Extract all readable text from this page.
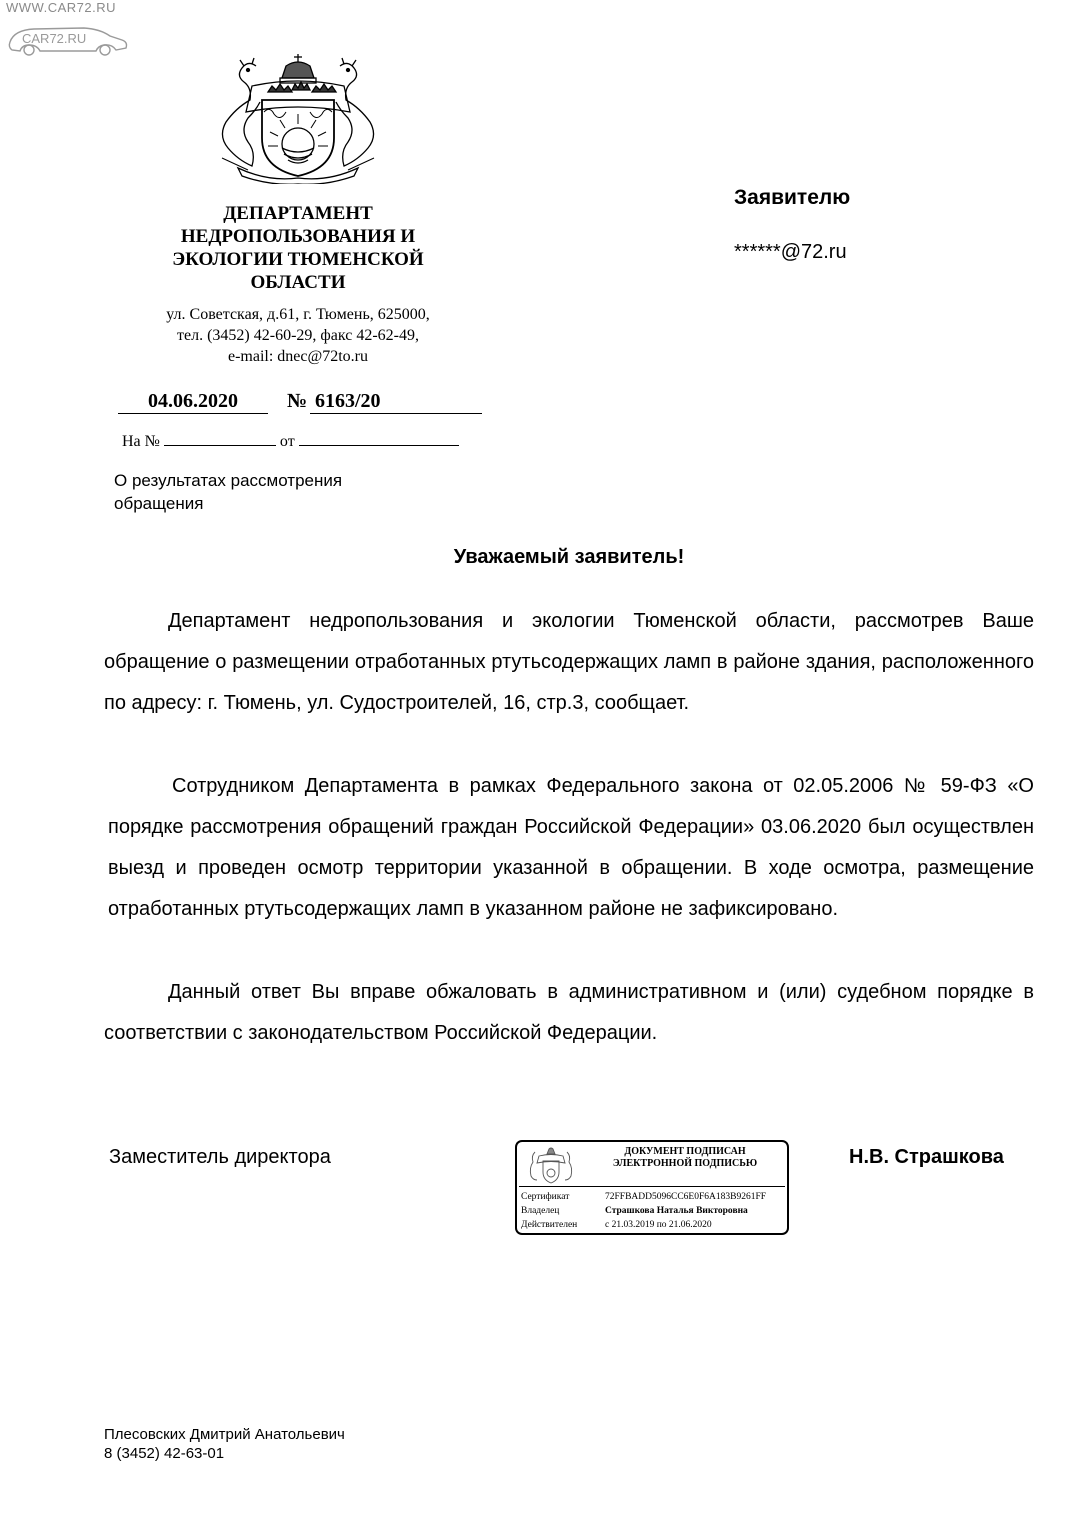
WWW.CAR72.RU
CAR72.RU
ДЕПАРТАМЕНТ НЕДРОПОЛЬЗОВАНИЯ И ЭКОЛОГИИ ТЮМЕНСКОЙ ОБЛАСТИ
ул. Советская, д.61, г. Тюмень, 625000,
тел. (3452) 42-60-29, факс 42-62-49,
e-mail: dnec@72to.ru
04.06.2020	№ 6163/20
На №	от
О результатах рассмотрения обращения
Заявителю
******@72.ru
Уважаемый заявитель!

Департамент недропользования и экологии Тюменской области, рассмотрев Ваше обращение о размещении отработанных ртутьсодержащих ламп в районе здания, расположенного по адресу: г. Тюмень, ул. Судостроителей, 16, стр.3, сообщает.

Сотрудником Департамента в рамках Федерального закона от 02.05.2006 № 59-ФЗ «О порядке рассмотрения обращений граждан Российской Федерации» 03.06.2020 был осуществлен выезд и проведен осмотр территории указанной в обращении. В ходе осмотра, размещение отработанных ртутьсодержащих ламп в указанном районе не зафиксировано.

Данный ответ Вы вправе обжаловать в административном и (или) судебном порядке в соответствии с законодательством Российской Федерации.

Заместитель директора	Н.В. Страшкова
ДОКУМЕНТ ПОДПИСАН ЭЛЕКТРОННОЙ ПОДПИСЬЮ
Сертификат	72FFBADD5096CC6E0F6A183B9261FF
Владелец	Страшкова Наталья Викторовна
Действителен	с 21.03.2019 по 21.06.2020
Плесовских Дмитрий Анатольевич
8 (3452) 42-63-01
